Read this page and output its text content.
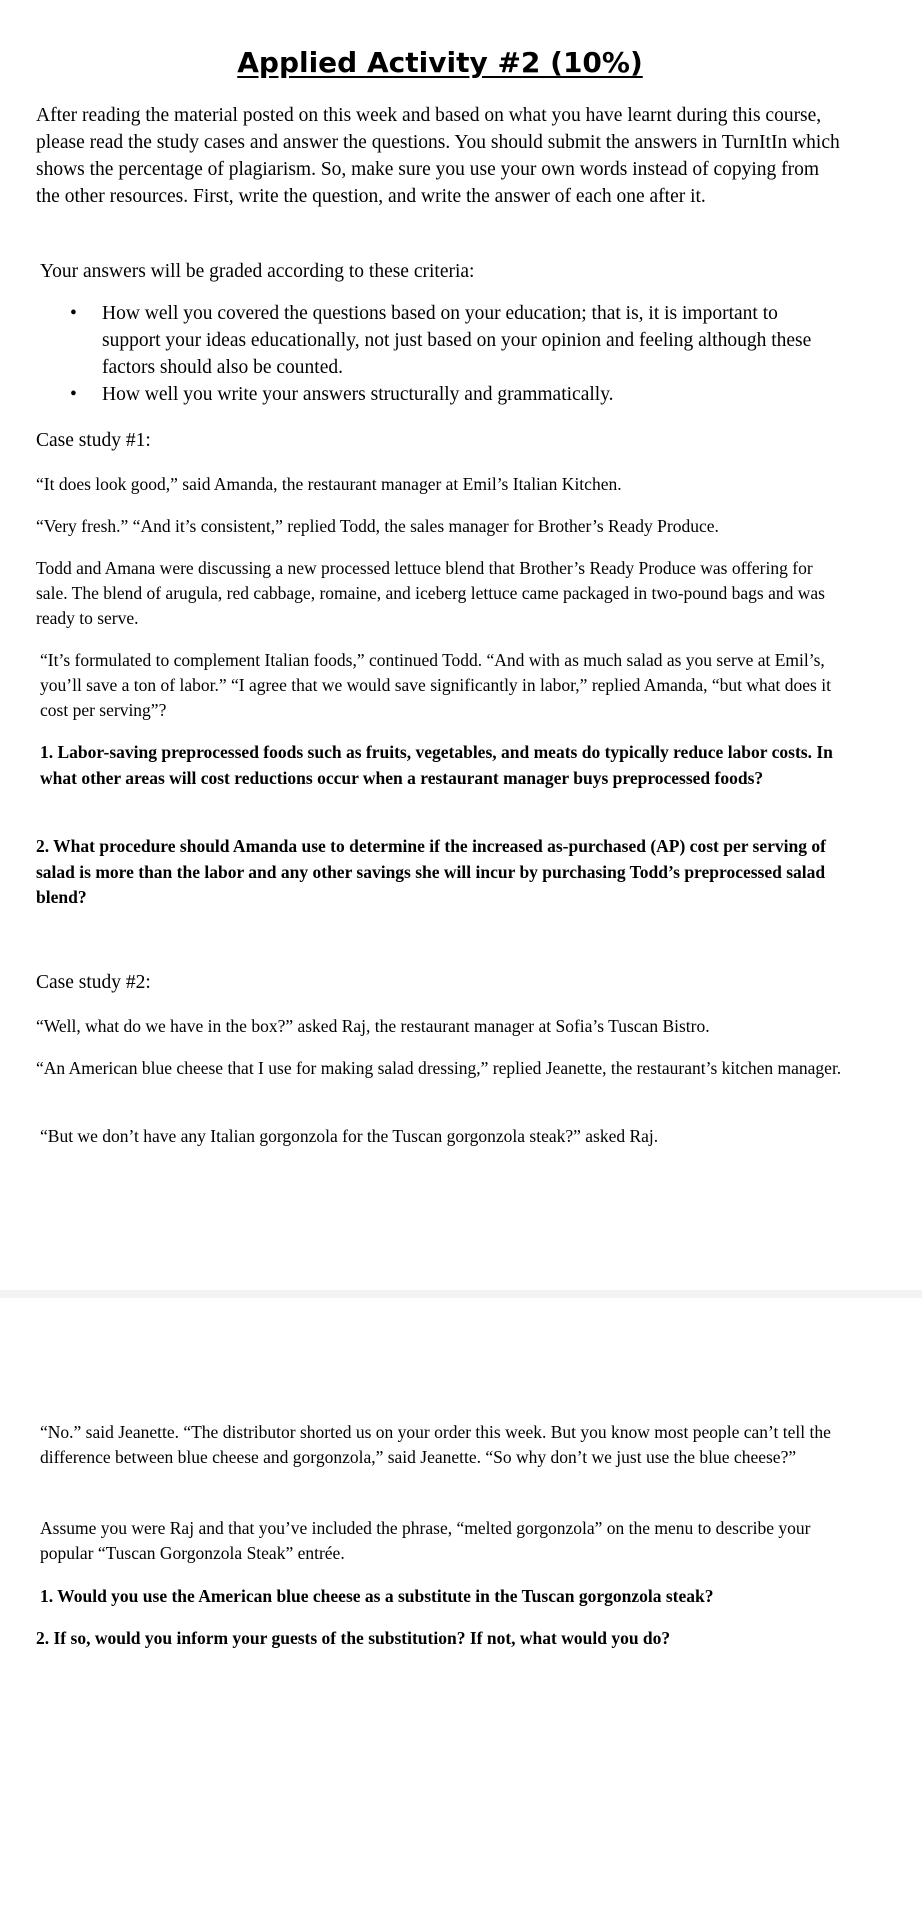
Applied Activity #2 (10%)

After reading the material posted on this week and based on what you have learnt during this course, please read the study cases and answer the questions. You should submit the answers in TurnItIn which shows the percentage of plagiarism. So, make sure you use your own words instead of copying from the other resources. First, write the question, and write the answer of each one after it.

Your answers will be graded according to these criteria:

• How well you covered the questions based on your education; that is, it is important to support your ideas educationally, not just based on your opinion and feeling although these factors should also be counted.
• How well you write your answers structurally and grammatically.

Case study #1:

“It does look good,” said Amanda, the restaurant manager at Emil’s Italian Kitchen.

“Very fresh.” “And it’s consistent,” replied Todd, the sales manager for Brother’s Ready Produce.

Todd and Amana were discussing a new processed lettuce blend that Brother’s Ready Produce was offering for sale. The blend of arugula, red cabbage, romaine, and iceberg lettuce came packaged in two-pound bags and was ready to serve.

“It’s formulated to complement Italian foods,” continued Todd. “And with as much salad as you serve at Emil’s, you’ll save a ton of labor.” “I agree that we would save significantly in labor,” replied Amanda, “but what does it cost per serving”?

1. Labor-saving preprocessed foods such as fruits, vegetables, and meats do typically reduce labor costs. In what other areas will cost reductions occur when a restaurant manager buys preprocessed foods?

2. What procedure should Amanda use to determine if the increased as-purchased (AP) cost per serving of salad is more than the labor and any other savings she will incur by purchasing Todd’s preprocessed salad blend?

Case study #2:

“Well, what do we have in the box?” asked Raj, the restaurant manager at Sofia’s Tuscan Bistro.

“An American blue cheese that I use for making salad dressing,” replied Jeanette, the restaurant’s kitchen manager.

“But we don’t have any Italian gorgonzola for the Tuscan gorgonzola steak?” asked Raj.

“No.” said Jeanette. “The distributor shorted us on your order this week. But you know most people can’t tell the difference between blue cheese and gorgonzola,” said Jeanette. “So why don’t we just use the blue cheese?”

Assume you were Raj and that you’ve included the phrase, “melted gorgonzola” on the menu to describe your popular “Tuscan Gorgonzola Steak” entrée.

1. Would you use the American blue cheese as a substitute in the Tuscan gorgonzola steak?

2. If so, would you inform your guests of the substitution? If not, what would you do?
